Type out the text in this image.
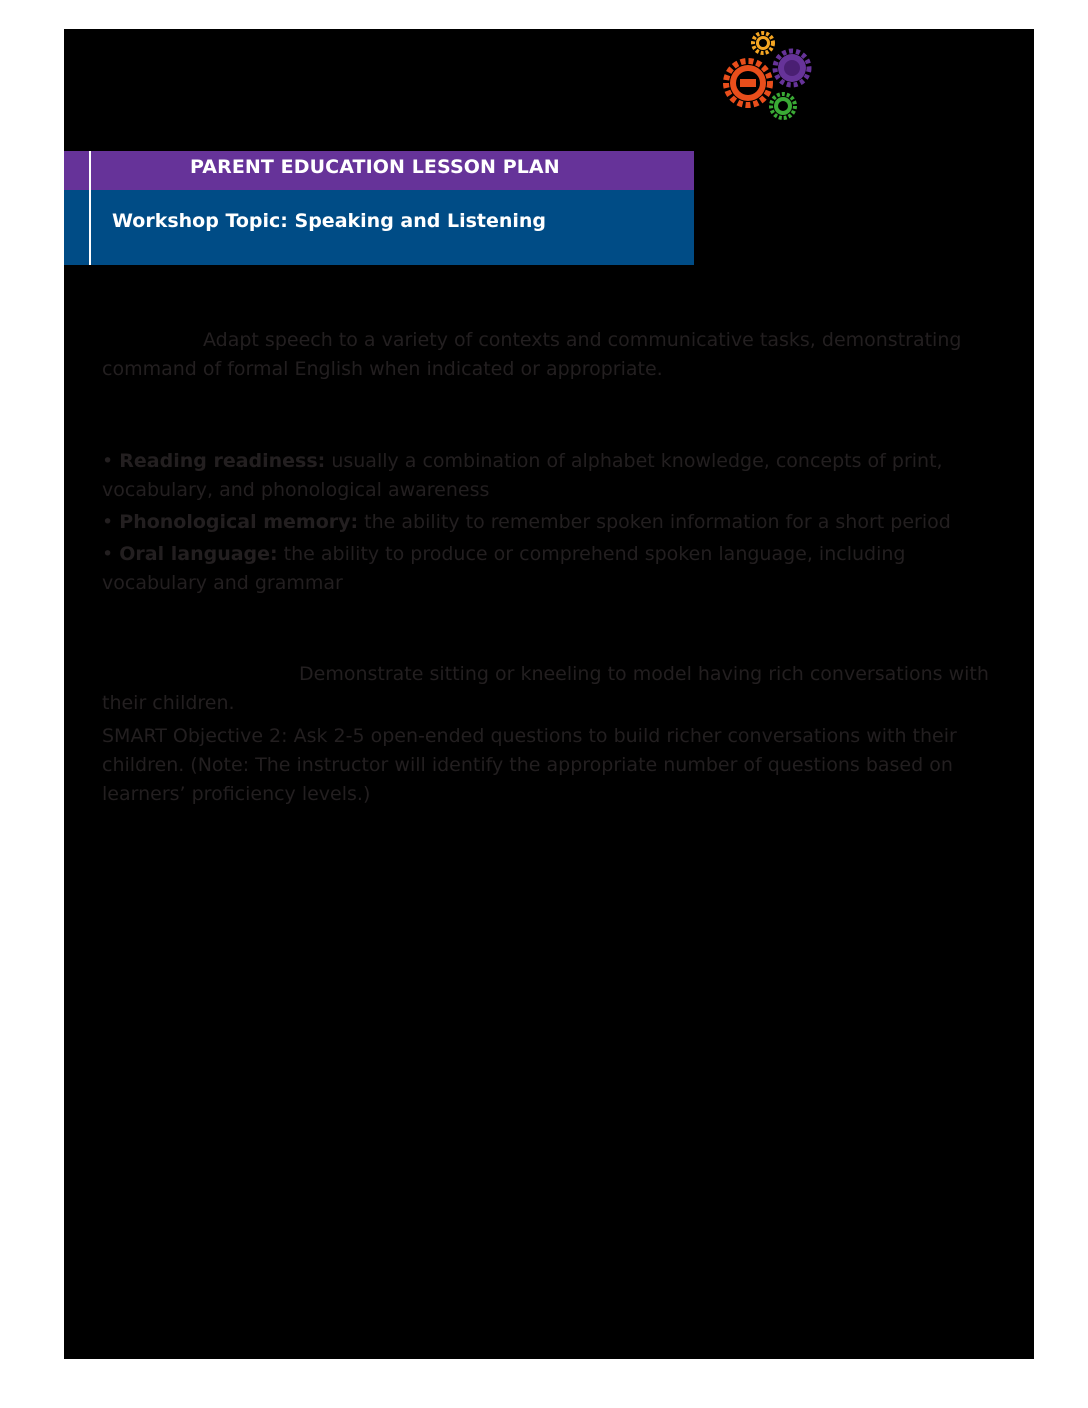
PARENT EDUCATION LESSON PLAN
Workshop Topic: Speaking and Listening
Adapt speech to a variety of contexts and communicative tasks, demonstrating
command of formal English when indicated or appropriate.
• Reading readiness: usually a combination of alphabet knowledge, concepts of print,
vocabulary, and phonological awareness
• Phonological memory: the ability to remember spoken information for a short period
• Oral language: the ability to produce or comprehend spoken language, including
vocabulary and grammar
Demonstrate sitting or kneeling to model having rich conversations with
their children.
SMART Objective 2: Ask 2-5 open-ended questions to build richer conversations with their
children. (Note: The instructor will identify the appropriate number of questions based on
learners’ proficiency levels.)
